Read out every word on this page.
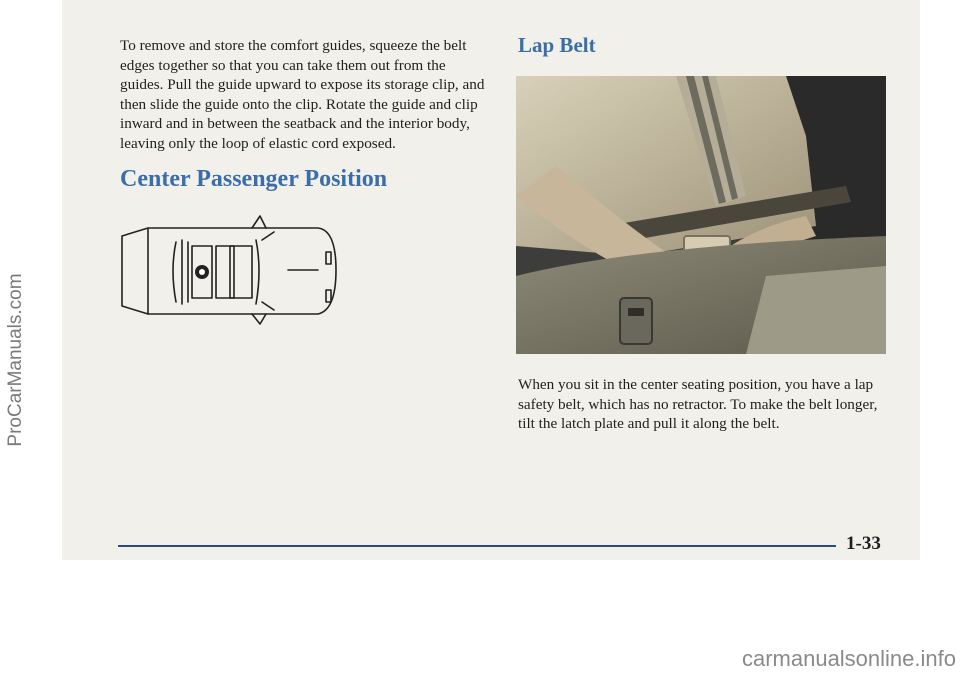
ProCarManuals.com

To remove and store the comfort guides, squeeze the belt edges together so that you can take them out from the guides. Pull the guide upward to expose its storage clip, and then slide the guide onto the clip. Rotate the guide and clip inward and in between the seatback and the interior body, leaving only the loop of elastic cord exposed.

Center Passenger Position
Lap Belt

When you sit in the center seating position, you have a lap safety belt, which has no retractor. To make the belt longer, tilt the latch plate and pull it along the belt.

1-33
carmanualsonline.info
